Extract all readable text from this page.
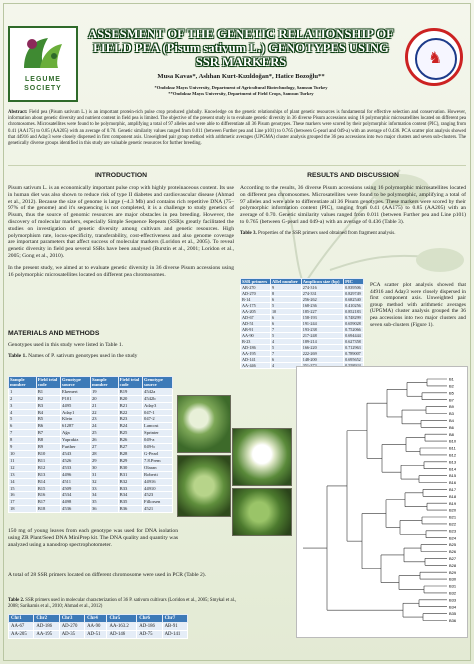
LEGUME
SOCIETY
♞
ASSESMENT OF THE GENETIC RELATIONSHIP OF FIELD PEA (Pisum sativum L.) GENOTYPES USING SSR MARKERS
Musa Kavas*, Aslıhan Kurt-Kızıldoğan*, Hatice Bozoğlu**
*Ondokuz Mayıs University, Department of Agricultural Biotechnology, Samsun Turkey
**Ondokuz Mayıs University, Department of Field Crops, Samsun Turkey
Abstract: Field pea (Pisum sativum L.) is an important protein-rich pulse crop produced globally. Knowledge on the genetic relationships of plant genetic resources is fundamental for effective selection and conservation. However, information about genetic diversity and nutrient content in field pea is limited. The objective of the present study is to evaluate genetic diversity in 36 diverse Pisum accessions using 16 polymorphic microsatellites located on different pea chromosomes. Microsatellites were found to be polymorphic, amplifying a total of 97 alleles and were able to differentiate all 36 Pisum genotypes. These markers were scored by their polymorphic information content (PIC), ranging from 0.41 (AA175) to 0.85 (AA205) with an average of 0.70. Genetic similarity values ranged from 0.011 (between Further pea and Line p101) to 0.765 (between G-pearl and 049-a) with an average of 0.436. PCA scatter plot analysis showed that 44916 and Aday3 were closely dispersed in first component axis. Unweighted pair group method with arithmetic averages (UPGMA) cluster analysis grouped the 36 pea accessions into two major clusters and seven sub-clusters. The genetically diverse groups identified in this study are valuable genetic resources for further breeding.
INTRODUCTION

Pisum sativum L. is an economically important pulse crop with highly proteinaceous content. Its use in human diet was also shown to reduce risk of type II diabetes and cardiovascular disease (Ahmad et al., 2012). Because the size of genome is large (~4.3 Mb) and contains rich repetitive DNA (75–97% of the genome) and it's sequencing is not completed, it is a challenge to study genetics of Pisum, thus the source of genomic resources are major obstacles in pea breeding. However, the discovery of molecular markers, especially Simple Sequence Repeats (SSR)s greatly facilitated the studies on investigation of genetic diversity among cultivars and genetic resources. High polymorphism rate, locus-specificity, transferability, cost-effectiveness and also genome coverage are important parameters that affect success of molecular markers (Loridon et al., 2005). To reveal genetic diversity in field pea several SSRs have been analysed (Burstin et al., 2001; Loridon et al., 2005; Gong et al., 2010).

In the present study, we aimed at to evaluate genetic diversity in 36 diverse Pisum accessions using 16 polymorphic microsatellites located on different pea chromosomes.

MATERIALS AND METHODS

Genotypes used in this study were listed in Table 1.

Table 1. Names of P. sativum genotypes used in the study

Sample number	Field trial code	Genotype source	Sample number	Field trial code	Genotype source
1	B1	Ekemert	19	B19	4542a
2	B2	P101	20	B20	4542b
3	B3	4495	21	B21	Aday3
4	B4	Aday1	22	B22	047-1
5	B5	Klein	23	B23	047-2
6	B6	61287	24	B24	Lancost
7	B7	Ağa	25	B25	Sprinter
8	B8	Yaprakiz	26	B26	049-a
9	B9	Further	27	B27	049-b
10	B10	4543	28	B28	G-Pearl
11	B11	4526	29	B29	7.8.Prem
12	B12	4533	30	B30	Olaran
13	B13	4496	31	B31	Roberti
14	B14	4511	32	B32	44916
15	B15	4509	33	B33	44910
16	B16	4534	34	B34	4523
17	B17	4498	35	B35	Fillorsen
18	B18	4536	36	B36	4521

150 mg of young leaves from each genotype was used for DNA isolation using ZR Plant/Seed DNA MiniPrep kit. The DNA quality and quantity was analyzed using a nanodrop spectrophotometer.

A total of 28 SSR primers located on different chromosome were used in PCR (Table 2).

Table 2. SSR primers used in molecular characterization of 36 P. sativum cultivars (Loridon et al., 2005; Smykal et al., 2008; Sarikamis et al., 2010; Ahmad et al., 2012)

Chr1	Chr2	Chr3	Chr4	Chr5	Chr6	Chr7
AA-67	AD-186	AD-270	AA-90	AA-163.2	AD-186	AB-91
AA-205	AA-195	AD-35	AD-51	AD-146	AD-75	AD-141
RESULTS AND DISCUSSION

According to the results, 36 diverse Pisum accessions using 16 polymorphic microsatellites located on different pea chromosomes. Microsatellites were found to be polymorphic, amplifying a total of 97 alleles and were able to differentiate all 36 Pisum genotypes. These markers were scored by their polymorphic information content (PIC), ranging from 0.41 (AA175) to 0.85 (AA205) with an average of 0.70. Genetic similarity values ranged from 0.011 (between Further pea and Line p101) to 0.765 (between G-pearl and 049-a) with an average of 0.436 (Table 3).

Table 3. Properties of the SSR primers used obtained from fragment analysis.

SSR primers	Allel number	Amplicon size (bp)	PIC
AB-270	9	274-316	0.839506
AD-270	8	274-331	0.829749
B-14	6	256-262	0.682540
AA-175	5	168-236	0.410256
AA-205	10	185-227	0.852183
AD-67	6	158-193	0.748299
AD-51	6	191-244	0.659028
AB-91	7	193-238	0.752066
AA-90	5	217-248	0.694444
B-23	4	189-214	0.627358
AD-186	5	166-220	0.712963
AA-195	7	222-269	0.789007
AD-141	6	148-200	0.695652
AA-446	4		

PCA scatter plot analysis showed that 44916 and Aday3 were closely dispersed in first component axis. Unweighted pair group method with arithmetic averages (UPGMA) cluster analysis grouped the 36 pea accessions into two major clusters and seven sub-clusters (Figure 1).

B1
B2
B5
B7
B9
B3
B4
B6
B8
B10
B11
B12
B13
B14
B15
B16
B17
B18
B19
B20
B21
B22
B23
B24
B25
B26
B27
B28
B29
B30
B31
B32
B33
B34
B35
B36
